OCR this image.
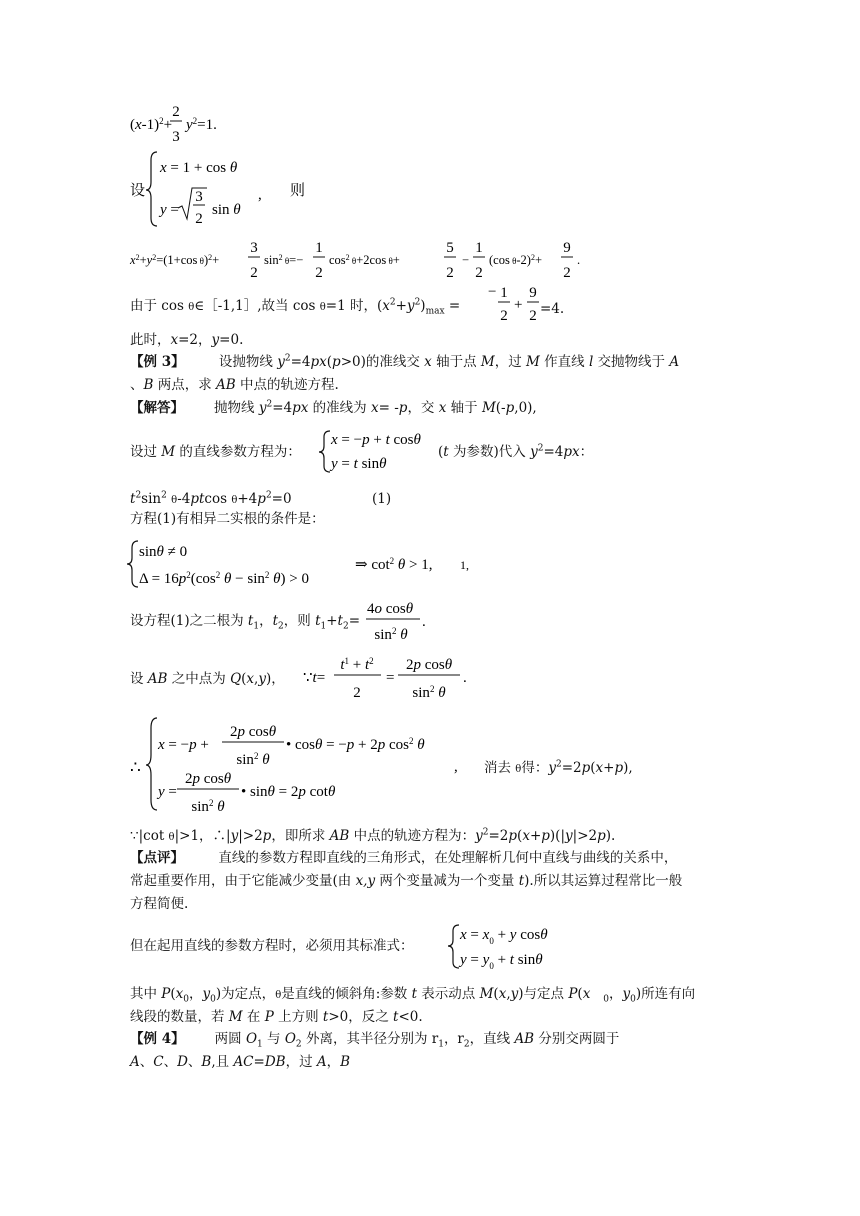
$(x-1)^2+$
2
3
$y^2=1$.
设
x = 1 + cos θ
y =
3
2
sin θ
, 则
$x^2+y^2=(1+\cos$ θ)$^2$+
3
2
$\sin^2 \theta=-$
1
2
$\cos^2 \theta+2\cos$ θ+
5
2
−
1
2
(cos θ-2)$^2$+
9
2
.
− 1
2
+
9
2
x = −p + t cosθ
y = t sinθ
sinθ ≠ 0
$\Delta = 16p^2(\cos^2$ $\theta - \sin^2 \theta) > 0$
⇒ $\cot^2 \theta > 1$, 1,
4o cosθ
$\sin^2 \theta$
.
∵t=
$t^1 + t^2$
2
=
2p cosθ
$\sin^2 \theta$
.
∴
x = −p +
2p cosθ
$\sin^2 \theta$
• cosθ = −p + 2p $\cos^2 \theta$
y =
2p cosθ
$\sin^2 \theta$
• sinθ = 2p cotθ
,
$x = x_0 + y$ cosθ
$y = y_0 + t$ sinθ
由于 cos θ∈［-1,1］,故当 cos θ=1 时，$(x^2+y^2)_{max}$ =	=4.
此时，x=2，y=0.
【例 3】        设抛物线 $y^2=4px(p>0)$的准线交 x 轴于点 M，过 M 作直线 l 交抛物线于 A
、B 两点，求 AB 中点的轨迹方程.
【解答】       抛物线 $y^2=4px$ 的准线为 x= -p，交 x 轴于 M(-p,0),
设过 M 的直线参数方程为：	(t 为参数)代入 $y^2=4px$：
$t^2\sin^2$ θ-4ptcos $\theta+4p^2=0$	(1)
方程(1)有相异二实根的条件是：
设方程(1)之二根为 $t_1$，$t_2$，则 $t_1+t_2=$
设 AB 之中点为 Q(x,y)，
消去 θ得：$y^2=2p(x+p)$,
∵|cot θ|>1，∴|y|>2p，即所求 AB 中点的轨迹方程为：$y^2=2p(x+p)(|y|>2p)$.
【点评】        直线的参数方程即直线的三角形式，在处理解析几何中直线与曲线的关系中，
常起重要作用，由于它能减少变量(由 x,y 两个变量减为一个变量 t).所以其运算过程常比一般
方程简便.
但在起用直线的参数方程时，必须用其标准式：
其中 $P(x_0$，$y_0$)为定点，θ是直线的倾斜角:参数 t 表示动点 M(x,y)与定点 P(x $_0$，$y_0$)所连有向
线段的数量，若 M 在 P 上方则 t>0，反之 t<0.
【例 4】       两圆 $O_1$ 与 $O_2$ 外离，其半径分别为 $r_1$，$r_2$，直线 AB 分别交两圆于
A、C、D、B,且 AC=DB，过 A，B
